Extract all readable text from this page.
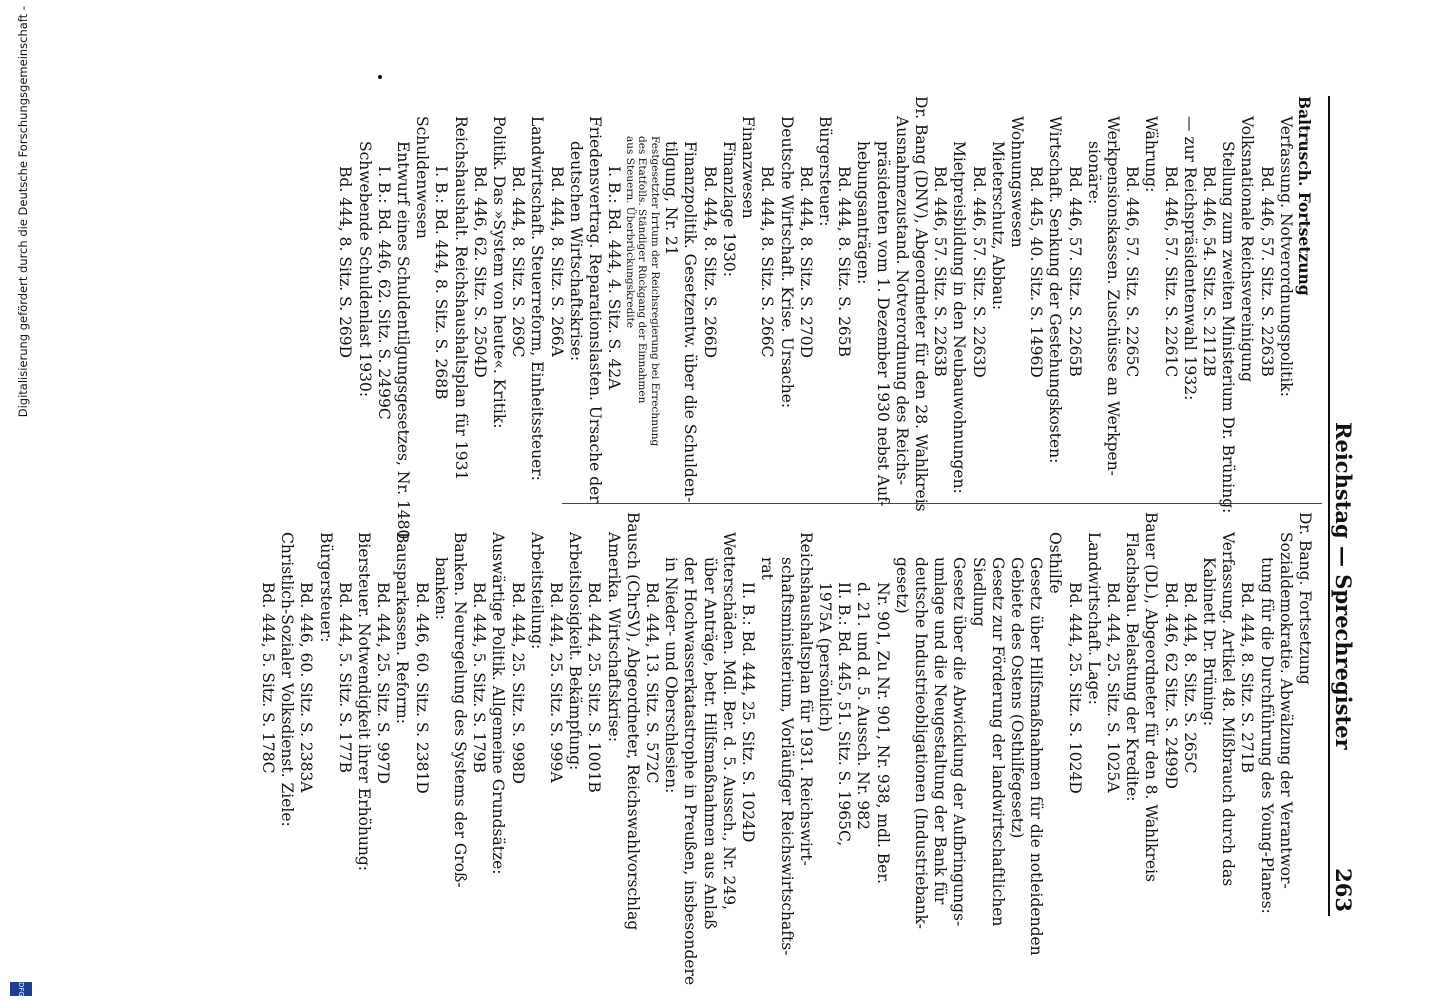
Reichstag — Sprechregister
263
Baltrusch. Fortsetzung
Verfassung. Notverordnungspolitik:
Bd. 446, 57. Sitz. S. 2263B
Volksnationale Reichsvereinigung
Stellung zum zweiten Ministerium Dr. Brüning:
Bd. 446, 54. Sitz. S. 2112B
— zur Reichspräsidentenwahl 1932:
Bd. 446, 57. Sitz. S. 2261C
Währung:
Bd. 446, 57. Sitz. S. 2265C
Werkpensionskassen. Zuschüsse an Werkpen-
sionäre:
Bd. 446, 57. Sitz. S. 2265B
Wirtschaft. Senkung der Gestehungskosten:
Bd. 445, 40. Sitz. S. 1496D
Wohnungswesen
Mieterschutz, Abbau:
Bd. 446, 57. Sitz. S. 2263D
Mietpreisbildung in den Neubauwohnungen:
Bd. 446, 57. Sitz. S. 2263B
Dr. Bang (DNV), Abgeordneter für den 28. Wahlkreis
Ausnahmezustand. Notverordnung des Reichs-
präsidenten vom 1. Dezember 1930 nebst Auf-
hebungsanträgen:
Bd. 444, 8. Sitz. S. 265B
Bürgersteuer:
Bd. 444, 8. Sitz. S. 270D
Deutsche Wirtschaft. Krise. Ursache:
Bd. 444, 8. Sitz. S. 266C
Finanzwesen
Finanzlage 1930:
Bd. 444, 8. Sitz. S. 266D
Finanzpolitik. Gesetzentw. über die Schulden-
tilgung, Nr. 21
Festgesetzter Irrtum der Reichsregierung bei Errechnung
des Etatfolls. Ständiger Rückgang der Einnahmen
aus Steuern. Überbrückungskredite
I. B.: Bd. 444, 4. Sitz. S. 42A
Friedensvertrag. Reparationslasten. Ursache der
deutschen Wirtschaftskrise:
Bd. 444, 8. Sitz. S. 266A
Landwirtschaft. Steuerreform, Einheitssteuer:
Bd. 444, 8. Sitz. S. 269C
Politik. Das »System von heute«. Kritik:
Bd. 446, 62. Sitz. S. 2504D
Reichshaushalt. Reichshaushaltsplan für 1931
I. B.: Bd. 444, 8. Sitz. S. 268B
Schuldenwesen
Entwurf eines Schuldentilgungsgesetzes, Nr. 1480
I. B.: Bd. 446, 62. Sitz. S. 2499C
Schwebende Schuldenlast 1930:
Bd. 444, 8. Sitz. S. 269D
Dr. Bang. Fortsetzung
Sozialdemokratie. Abwälzung der Verantwor-
tung für die Durchführung des Young-Planes:
Bd. 444, 8. Sitz. S. 271B
Verfassung. Artikel 48. Mißbrauch durch das
Kabinett Dr. Brüning:
Bd. 444, 8. Sitz. S. 265C
Bd. 446, 62 Sitz. S. 2499D
Bauer (DL), Abgeordneter für den 8. Wahlkreis
Flachsbau. Belastung der Kredite:
Bd. 444, 25. Sitz. S. 1025A
Landwirtschaft. Lage:
Bd. 444, 25. Sitz. S. 1024D
Osthilfe
Gesetz über Hilfsmaßnahmen für die notleidenden
Gebiete des Ostens (Osthilfegesetz)
Gesetz zur Förderung der landwirtschaftlichen
Siedlung
Gesetz über die Abwicklung der Aufbringungs-
umlage und die Neugestaltung der Bank für
deutsche Industrieobligationen (Industriebank-
gesetz)
Nr. 901, Zu Nr. 901, Nr. 938, mdl. Ber.
d. 21. und d. 5. Aussch. Nr. 982
II. B.: Bd. 445, 51. Sitz. S. 1965C,
1975A (persönlich)
Reichshaushaltsplan für 1931. Reichswirt-
schaftsministerium, Vorläufiger Reichswirtschafts-
rat
II. B.: Bd. 444, 25. Sitz. S. 1024D
Wetterschäden. Mdl. Ber. d. 5. Aussch., Nr. 249,
über Anträge, betr. Hilfsmaßnahmen aus Anlaß
der Hochwasserkatastrophe in Preußen, insbesondere
in Nieder- und Oberschlesien:
Bd. 444, 13. Sitz. S. 572C
Bausch (ChrSV), Abgeordneter, Reichswahlvorschlag
Amerika. Wirtschaftskrise:
Bd. 444, 25. Sitz. S. 1001B
Arbeitslosigkeit. Bekämpfung:
Bd. 444, 25. Sitz. S. 999A
Arbeitsteilung:
Bd. 444, 25. Sitz. S. 998D
Auswärtige Politik. Allgemeine Grundsätze:
Bd. 444, 5. Sitz. S. 179B
Banken. Neuregelung des Systems der Groß-
banken:
Bd. 446, 60. Sitz. S. 2381D
Bausparkassen. Reform:
Bd. 444, 25. Sitz. S. 997D
Biersteuer. Notwendigkeit ihrer Erhöhung:
Bd. 444, 5. Sitz. S. 177B
Bürgersteuer:
Bd. 446, 60. Sitz. S. 2383A
Christlich-Sozialer Volksdienst. Ziele:
Bd. 444, 5. Sitz. S. 178C
Digitalisierung gefördert durch die Deutsche Forschungsgemeinschaft -
DFG
